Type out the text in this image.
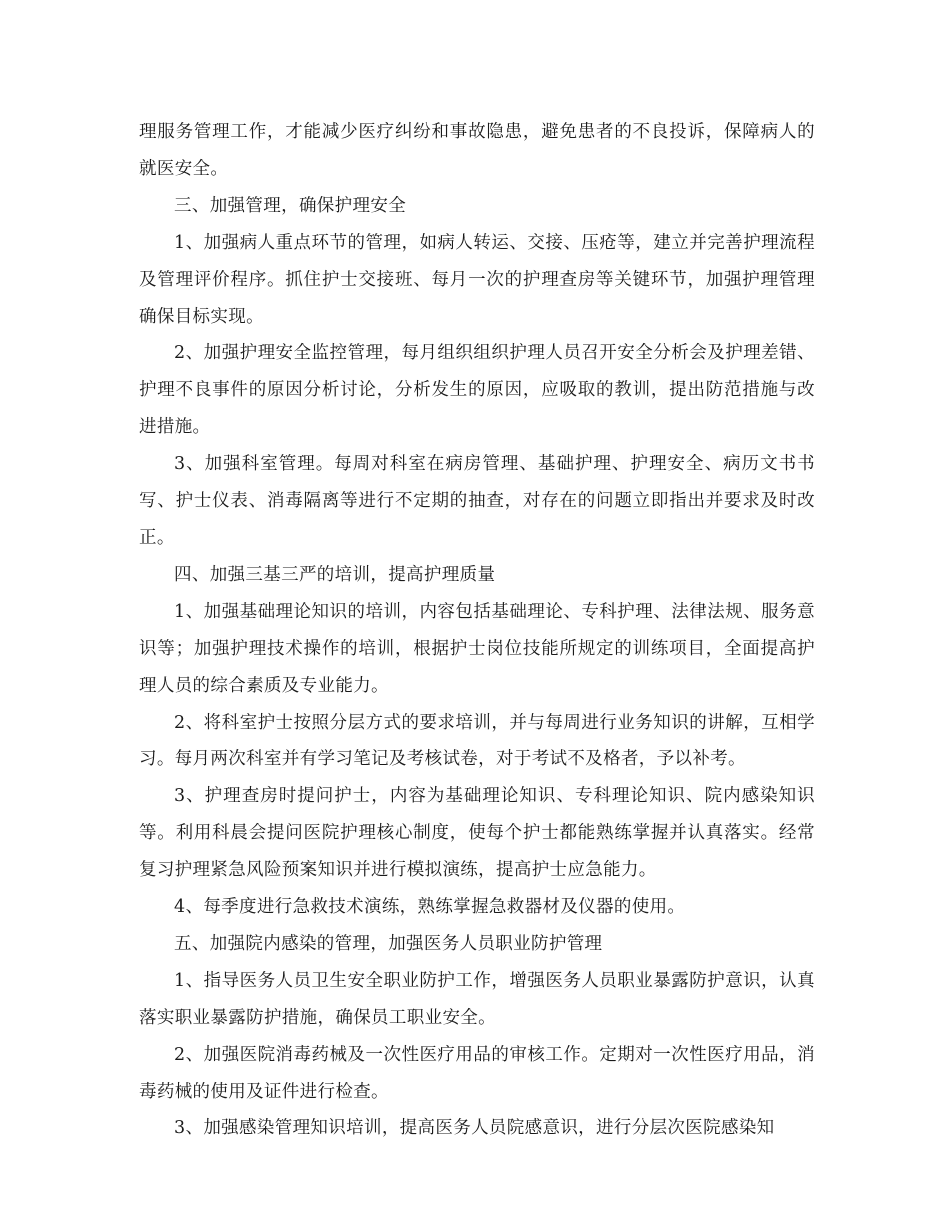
理服务管理工作，才能减少医疗纠纷和事故隐患，避免患者的不良投诉，保障病人的就医安全。

三、加强管理，确保护理安全

1、加强病人重点环节的管理，如病人转运、交接、压疮等，建立并完善护理流程及管理评价程序。抓住护士交接班、每月一次的护理查房等关键环节，加强护理管理确保目标实现。

2、加强护理安全监控管理，每月组织组织护理人员召开安全分析会及护理差错、护理不良事件的原因分析讨论，分析发生的原因，应吸取的教训，提出防范措施与改进措施。

3、加强科室管理。每周对科室在病房管理、基础护理、护理安全、病历文书书写、护士仪表、消毒隔离等进行不定期的抽查，对存在的问题立即指出并要求及时改正。

四、加强三基三严的培训，提高护理质量

1、加强基础理论知识的培训，内容包括基础理论、专科护理、法律法规、服务意识等；加强护理技术操作的培训，根据护士岗位技能所规定的训练项目，全面提高护理人员的综合素质及专业能力。

2、将科室护士按照分层方式的要求培训，并与每周进行业务知识的讲解，互相学习。每月两次科室并有学习笔记及考核试卷，对于考试不及格者，予以补考。

3、护理查房时提问护士，内容为基础理论知识、专科理论知识、院内感染知识等。利用科晨会提问医院护理核心制度，使每个护士都能熟练掌握并认真落实。经常复习护理紧急风险预案知识并进行模拟演练，提高护士应急能力。

4、每季度进行急救技术演练，熟练掌握急救器材及仪器的使用。

五、加强院内感染的管理，加强医务人员职业防护管理

1、指导医务人员卫生安全职业防护工作，增强医务人员职业暴露防护意识，认真落实职业暴露防护措施，确保员工职业安全。

2、加强医院消毒药械及一次性医疗用品的审核工作。定期对一次性医疗用品，消毒药械的使用及证件进行检查。

3、加强感染管理知识培训，提高医务人员院感意识，进行分层次医院感染知
